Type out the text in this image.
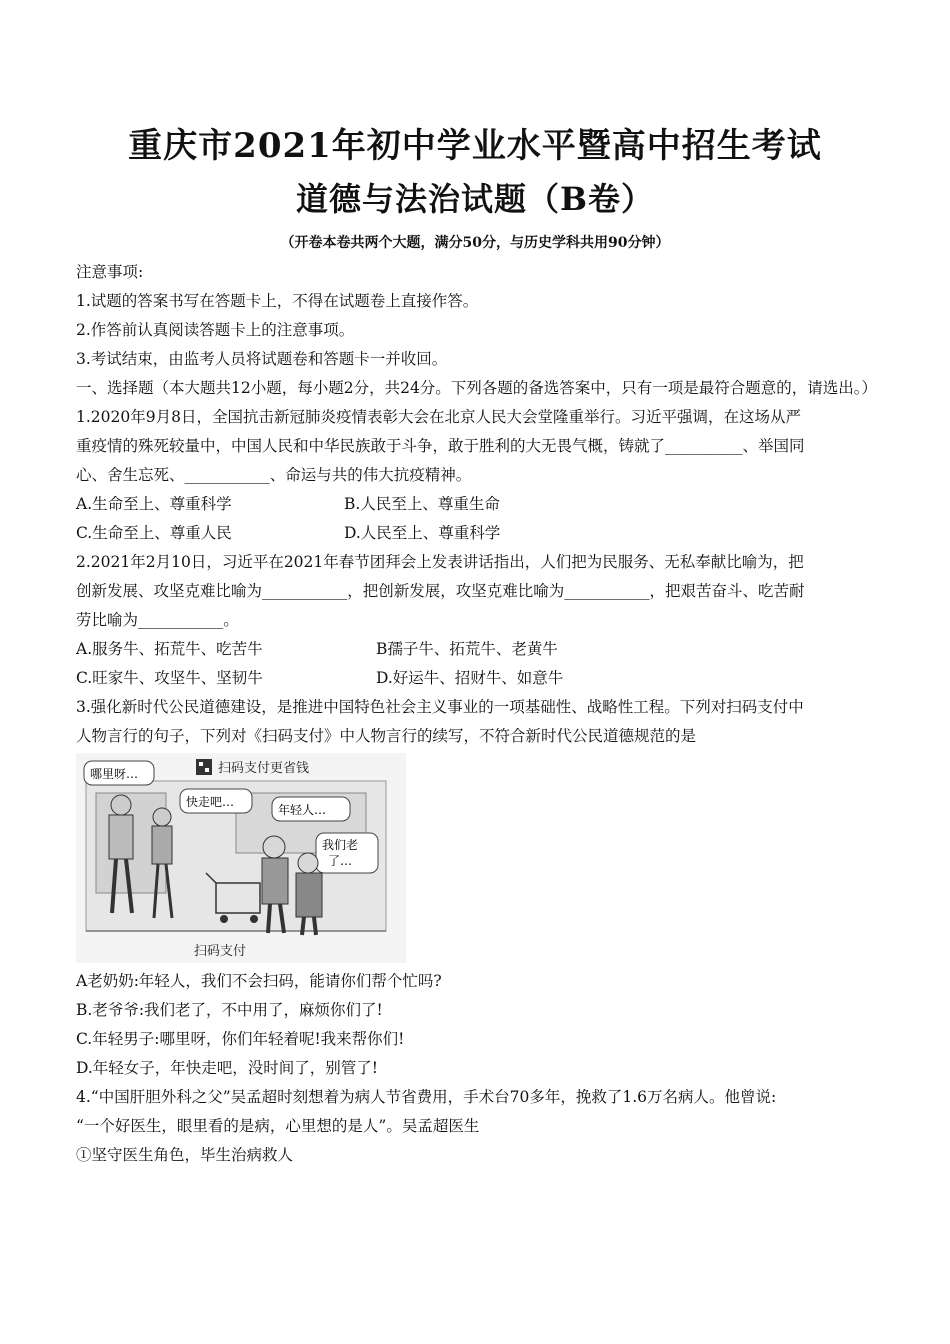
重庆市2021年初中学业水平暨高中招生考试
道德与法治试题（B卷）
（开卷本卷共两个大题，满分50分，与历史学科共用90分钟）
注意事项:
1.试题的答案书写在答题卡上，不得在试题卷上直接作答。
2.作答前认真阅读答题卡上的注意事项。
3.考试结束，由监考人员将试题卷和答题卡一并收回。
一、选择题（本大题共12小题，每小题2分，共24分。下列各题的备选答案中，只有一项是最符合题意的，请选出。）
1.2020年9月8日，全国抗击新冠肺炎疫情表彰大会在北京人民大会堂隆重举行。习近平强调，在这场从严
重疫情的殊死较量中，中国人民和中华民族敢于斗争，敢于胜利的大无畏气概，铸就了__________、举国同
心、舍生忘死、___________、命运与共的伟大抗疫精神。
A.生命至上、尊重科学	B.人民至上、尊重生命
C.生命至上、尊重人民	D.人民至上、尊重科学
2.2021年2月10日，习近平在2021年春节团拜会上发表讲话指出，人们把为民服务、无私奉献比喻为，把
创新发展、攻坚克难比喻为___________，把创新发展，攻坚克难比喻为___________，把艰苦奋斗、吃苦耐
劳比喻为___________。
A.服务牛、拓荒牛、吃苦牛	B孺子牛、拓荒牛、老黄牛
C.旺家牛、攻坚牛、坚韧牛	D.好运牛、招财牛、如意牛
3.强化新时代公民道德建设，是推进中国特色社会主义事业的一项基础性、战略性工程。下列对扫码支付中
人物言行的句子，下列对《扫码支付》中人物言行的续写，不符合新时代公民道德规范的是
扫码支付更省钱
哪里呀…
快走吧…
年轻人…
我们老
了…
扫码支付
A老奶奶:年轻人，我们不会扫码，能请你们帮个忙吗?
B.老爷爷:我们老了，不中用了，麻烦你们了!
C.年轻男子:哪里呀，你们年轻着呢!我来帮你们!
D.年轻女子，年快走吧，没时间了，别管了!
4.“中国肝胆外科之父”吴孟超时刻想着为病人节省费用，手术台70多年，挽救了1.6万名病人。他曾说:
“一个好医生，眼里看的是病，心里想的是人”。吴孟超医生
①坚守医生角色，毕生治病救人
